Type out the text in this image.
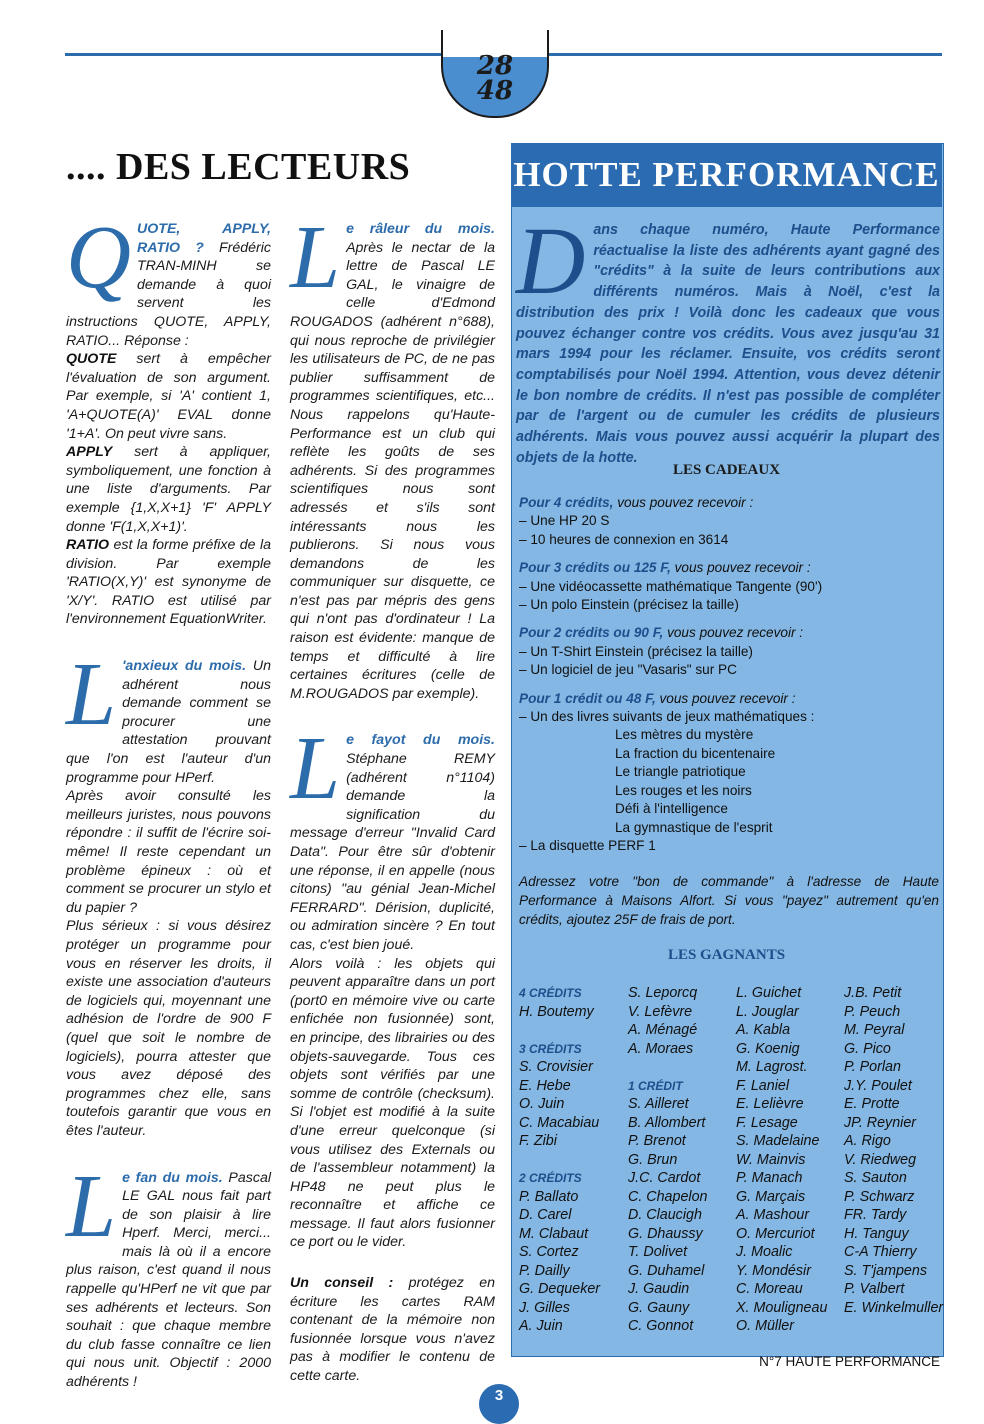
28
48
.... DES LECTEURS

QUOTE, APPLY, RATIO ? Frédéric TRAN-MINH se demande à quoi servent les instructions QUOTE, APPLY, RATIO... Réponse :

QUOTE sert à empêcher l'évaluation de son argument. Par exemple, si 'A' contient 1, 'A+QUOTE(A)' EVAL donne '1+A'. On peut vivre sans.

APPLY sert à appliquer, symboliquement, une fonction à une liste d'arguments. Par exemple {1,X,X+1} 'F' APPLY donne 'F(1,X,X+1)'.

RATIO est la forme préfixe de la division. Par exemple 'RATIO(X,Y)' est synonyme de 'X/Y'. RATIO est utilisé par l'environnement EquationWriter.

L 'anxieux du mois. Un adhérent nous demande comment se procurer une attestation prouvant que l'on est l'auteur d'un programme pour HPerf.

Après avoir consulté les meilleurs juristes, nous pouvons répondre : il suffit de l'écrire soi-même! Il reste cependant un problème épineux : où et comment se procurer un stylo et du papier ?

Plus sérieux : si vous désirez protéger un programme pour vous en réserver les droits, il existe une association d'auteurs de logiciels qui, moyennant une adhésion de l'ordre de 900 F (quel que soit le nombre de logiciels), pourra attester que vous avez déposé des programmes chez elle, sans toutefois garantir que vous en êtes l'auteur.

Le fan du mois. Pascal LE GAL nous fait part de son plaisir à lire Hperf. Merci, merci... mais là où il a encore plus raison, c'est quand il nous rappelle qu'HPerf ne vit que par ses adhérents et lecteurs. Son souhait : que chaque membre du club fasse connaître ce lien qui nous unit. Objectif : 2000 adhérents !

Le râleur du mois. Après le nectar de la lettre de Pascal LE GAL, le vinaigre de celle d'Edmond ROUGADOS (adhérent n°688), qui nous reproche de privilégier les utilisateurs de PC, de ne pas publier suffisamment de programmes scientifiques, etc... Nous rappelons qu'Haute-Performance est un club qui reflète les goûts de ses adhérents. Si des programmes scientifiques nous sont adressés et s'ils sont intéressants nous les publierons. Si nous vous demandons de les communiquer sur disquette, ce n'est pas par mépris des gens qui n'ont pas d'ordinateur ! La raison est évidente: manque de temps et difficulté à lire certaines écritures (celle de M.ROUGADOS par exemple).

Le fayot du mois. Stéphane REMY (adhérent n°1104) demande la signification du message d'erreur "Invalid Card Data". Pour être sûr d'obtenir une réponse, il en appelle (nous citons) "au génial Jean-Michel FERRARD". Dérision, duplicité, ou admiration sincère ? En tout cas, c'est bien joué.

Alors voilà : les objets qui peuvent apparaître dans un port (port0 en mémoire vive ou carte enfichée non fusionnée) sont, en principe, des librairies ou des objets-sauvegarde. Tous ces objets sont vérifiés par une somme de contrôle (checksum). Si l'objet est modifié à la suite d'une erreur quelconque (si vous utilisez des Externals ou de l'assembleur notamment) la HP48 ne peut plus le reconnaître et affiche ce message. Il faut alors fusionner ce port ou le vider.

Un conseil : protégez en écriture les cartes RAM contenant de la mémoire non fusionnée lorsque vous n'avez pas à modifier le contenu de cette carte.

HOTTE PERFORMANCE
Dans chaque numéro, Haute Performance réactualise la liste des adhérents ayant gagné des "crédits" à la suite de leurs contributions aux différents numéros. Mais à Noël, c'est la distribution des prix ! Voilà donc les cadeaux que vous pouvez échanger contre vos crédits. Vous avez jusqu'au 31 mars 1994 pour les réclamer. Ensuite, vos crédits seront comptabilisés pour Noël 1994. Attention, vous devez détenir le bon nombre de crédits. Il n'est pas possible de compléter par de l'argent ou de cumuler les crédits de plusieurs adhérents. Mais vous pouvez aussi acquérir la plupart des objets de la hotte.
LES CADEAUX
Pour 4 crédits, vous pouvez recevoir :
– Une HP 20 S
– 10 heures de connexion en 3614
Pour 3 crédits ou 125 F, vous pouvez recevoir :
– Une vidéocassette mathématique Tangente (90')
– Un polo Einstein (précisez la taille)
Pour 2 crédits ou 90 F, vous pouvez recevoir :
– Un T-Shirt Einstein (précisez la taille)
– Un logiciel de jeu "Vasaris" sur PC
Pour 1 crédit ou 48 F, vous pouvez recevoir :
– Un des livres suivants de jeux mathématiques :
Les mètres du mystère
La fraction du bicentenaire
Le triangle patriotique
Les rouges et les noirs
Défi à l'intelligence
La gymnastique de l'esprit
– La disquette PERF 1
Adressez votre "bon de commande" à l'adresse de Haute Performance à Maisons Alfort. Si vous "payez" autrement qu'en crédits, ajoutez 25F de frais de port.
LES GAGNANTS
4 CRÉDITS
H. Boutemy
3 CRÉDITS
S. Crovisier
E. Hebe
O. Juin
C. Macabiau
F. Zibi
2 CRÉDITS
P. Ballato
D. Carel
M. Clabaut
S. Cortez
P. Dailly
G. Dequeker
J. Gilles
A. Juin
S. Leporcq
V. Lefèvre
A. Ménagé
A. Moraes
1 CRÉDIT
S. Ailleret
B. Allombert
P. Brenot
G. Brun
J.C. Cardot
C. Chapelon
D. Claucigh
G. Dhaussy
T. Dolivet
G. Duhamel
J. Gaudin
G. Gauny
C. Gonnot
L. Guichet
L. Jouglar
A. Kabla
G. Koenig
M. Lagrost.
F. Laniel
E. Lelièvre
F. Lesage
S. Madelaine
W. Mainvis
P. Manach
G. Marçais
A. Mashour
O. Mercuriot
J. Moalic
Y. Mondésir
C. Moreau
X. Mouligneau
O. Müller
J.B. Petit
P. Peuch
M. Peyral
G. Pico
P. Porlan
J.Y. Poulet
E. Protte
JP. Reynier
A. Rigo
V. Riedweg
S. Sauton
P. Schwarz
FR. Tardy
H. Tanguy
C-A Thierry
S. T'jampens
P. Valbert
E. Winkelmuller
N°7 HAUTE PERFORMANCE
3
